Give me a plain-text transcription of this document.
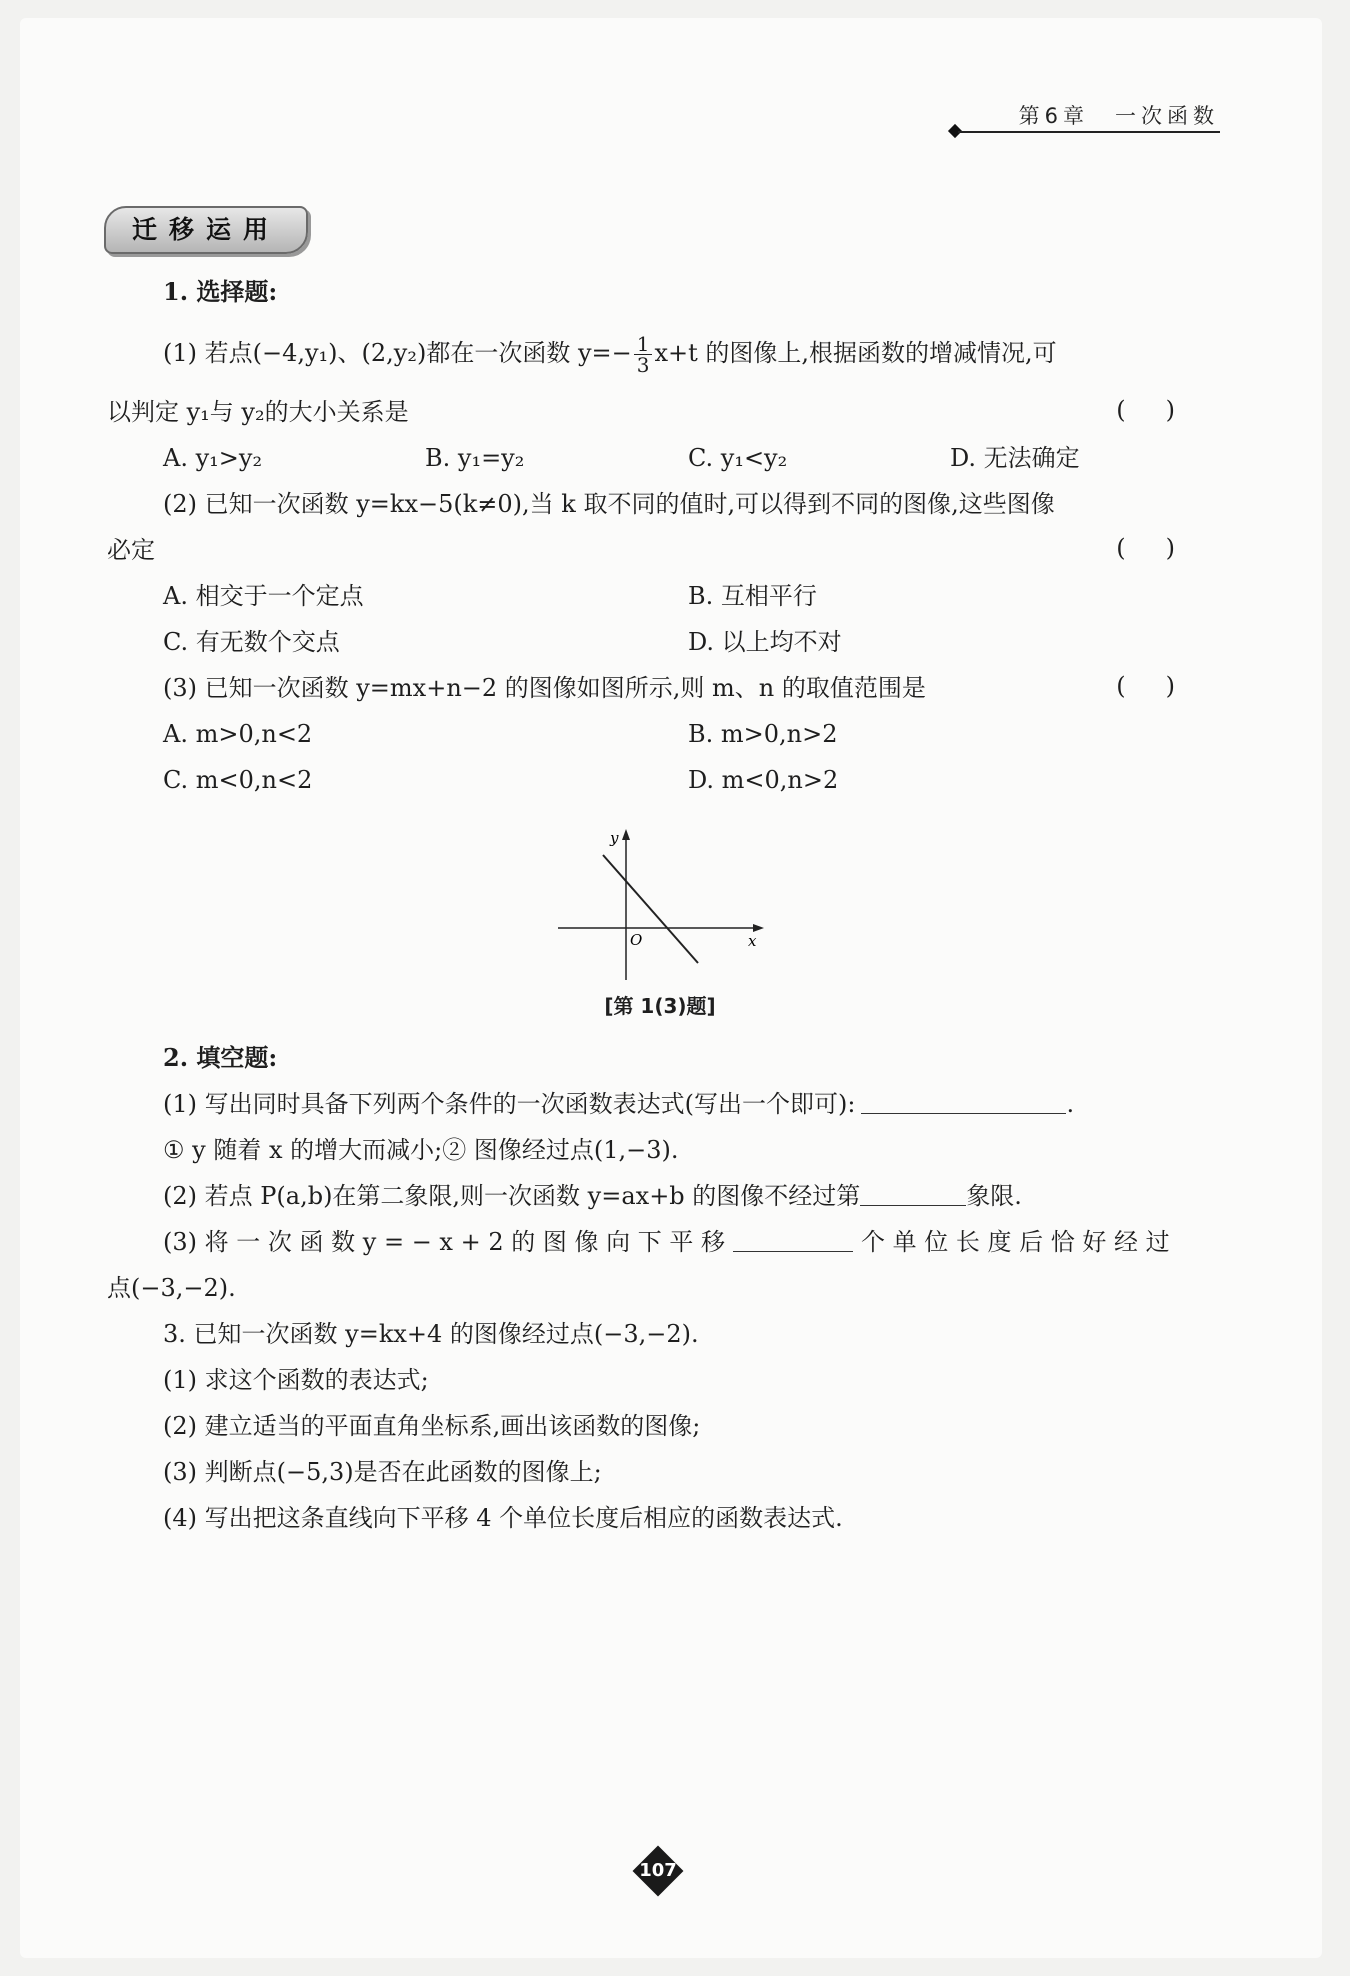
第6章　一次函数
迁移运用
1. 选择题:
(1) 若点(−4,y₁)、(2,y₂)都在一次函数 $y=- \frac{1}{3} x+t$ 的图像上,根据函数的增减情况,可
以判定 y₁与 y₂的大小关系是	()
A. y₁>y₂	B. y₁=y₂	C. y₁<y₂	D. 无法确定
(2) 已知一次函数 y=kx−5(k≠0),当 k 取不同的值时,可以得到不同的图像,这些图像
必定	()
A. 相交于一个定点	B. 互相平行
C. 有无数个交点	D. 以上均不对
(3) 已知一次函数 y=mx+n−2 的图像如图所示,则 m、n 的取值范围是	()
A. m>0,n<2	B. m>0,n>2
C. m<0,n<2	D. m<0,n>2
y
x
O
[第 1(3)题]
2. 填空题:
(1) 写出同时具备下列两个条件的一次函数表达式(写出一个即可):	.
① y 随着 x 的增大而减小;② 图像经过点(1,−3).
(2) 若点 P(a,b)在第二象限,则一次函数 y=ax+b 的图像不经过第	象限.
(3) 将 一 次 函 数 y = − x + 2 的 图 像 向 下 平 移	个 单 位 长 度 后 恰 好 经 过
点(−3,−2).
3. 已知一次函数 y=kx+4 的图像经过点(−3,−2).
(1) 求这个函数的表达式;
(2) 建立适当的平面直角坐标系,画出该函数的图像;
(3) 判断点(−5,3)是否在此函数的图像上;
(4) 写出把这条直线向下平移 4 个单位长度后相应的函数表达式.
107
